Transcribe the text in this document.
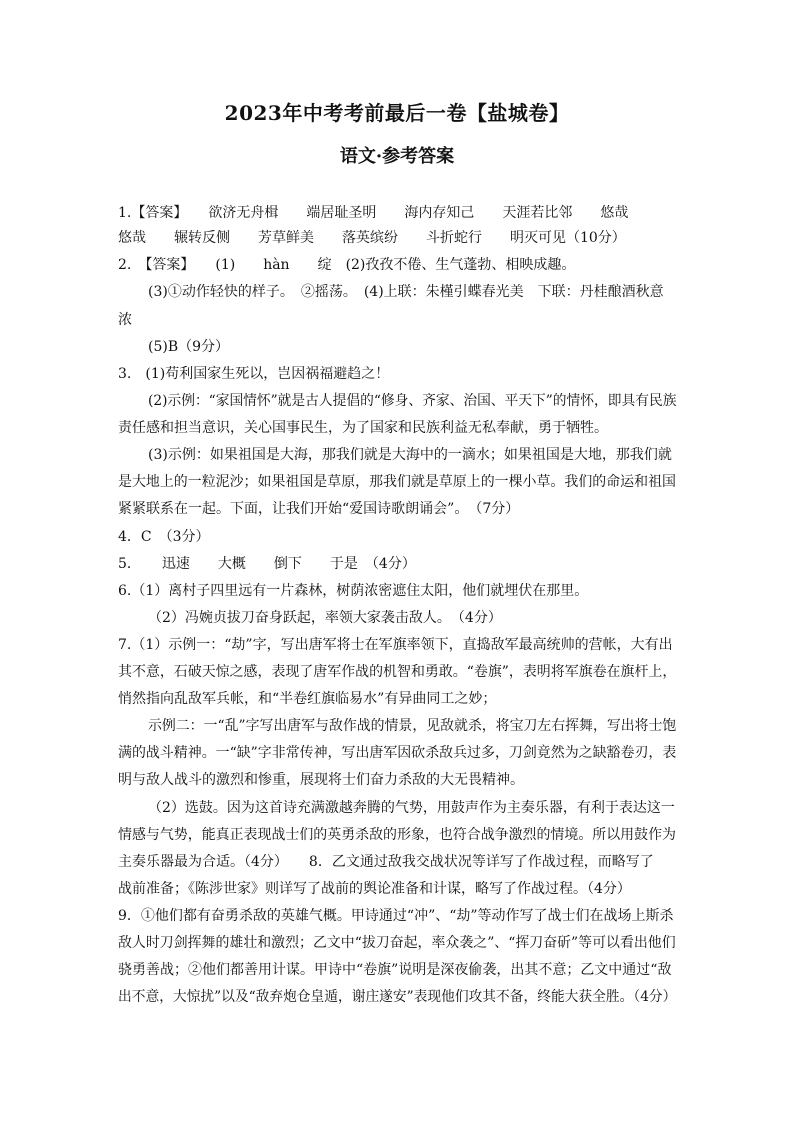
2023年中考考前最后一卷【盐城卷】
语文·参考答案
1.【答案】　　欲济无舟楫　　端居耻圣明　　海内存知己　　天涯若比邻　　悠哉
悠哉　　辗转反侧　　芳草鲜美　　落英缤纷　　斗折蛇行　　明灭可见（10分）
2.　【答案】　　(1)　　hàn　　绽　(2)孜孜不倦、生气蓬勃、相映成趣。
(3)①动作轻快的样子。　②摇荡。　(4)上联：朱槿引蝶春光美　下联：丹桂酿酒秋意
浓
(5)B（9分）
3.　(1)苟利国家生死以，岂因祸福避趋之！
(2)示例：“家国情怀”就是古人提倡的“修身、齐家、治国、平天下”的情怀，即具有民族
责任感和担当意识，关心国事民生，为了国家和民族利益无私奉献，勇于牺牲。
(3)示例：如果祖国是大海，那我们就是大海中的一滴水；如果祖国是大地，那我们就
是大地上的一粒泥沙；如果祖国是草原，那我们就是草原上的一棵小草。我们的命运和祖国
紧紧联系在一起。下面，让我们开始“爱国诗歌朗诵会”。　（7分）
4．C　（3分）
5．　　迅速　　大概　　倒下　　于是　（4分）
6.（1）离村子四里远有一片森林，树荫浓密遮住太阳，他们就埋伏在那里。
（2）冯婉贞拔刀奋身跃起，率领大家袭击敌人。　（4分）
7.（1）示例一：“劫”字，写出唐军将士在军旗率领下，直捣敌军最高统帅的营帐，大有出
其不意，石破天惊之感，表现了唐军作战的机智和勇敢。“卷旗”，表明将军旗卷在旗杆上，
悄然指向乱敌军兵帐，和“半卷红旗临易水”有异曲同工之妙；
示例二：一“乱”字写出唐军与敌作战的情景，见敌就杀，将宝刀左右挥舞，写出将士饱
满的战斗精神。一“缺”字非常传神，写出唐军因砍杀敌兵过多，刀剑竟然为之缺豁卷刃，表
明与敌人战斗的激烈和惨重，展现将士们奋力杀敌的大无畏精神。
（2）选鼓。因为这首诗充满激越奔腾的气势，用鼓声作为主奏乐器，有利于表达这一
情感与气势，能真正表现战士们的英勇杀敌的形象，也符合战争激烈的情境。所以用鼓作为
主奏乐器最为合适。（4分）　　8．乙文通过敌我交战状况等详写了作战过程，而略写了
战前准备；《陈涉世家》则详写了战前的舆论准备和计谋，略写了作战过程。（4分）
9．①他们都有奋勇杀敌的英雄气概。甲诗通过“冲”、“劫”等动作写了战士们在战场上斯杀
敌人时刀剑挥舞的雄壮和激烈；乙文中“拔刀奋起，率众袭之”、“挥刀奋斫”等可以看出他们
骁勇善战；②他们都善用计谋。甲诗中“卷旗”说明是深夜偷袭，出其不意；乙文中通过“敌
出不意，大惊扰”以及“敌弃炮仓皇遁，谢庄遂安”表现他们攻其不备，终能大获全胜。（4分）
